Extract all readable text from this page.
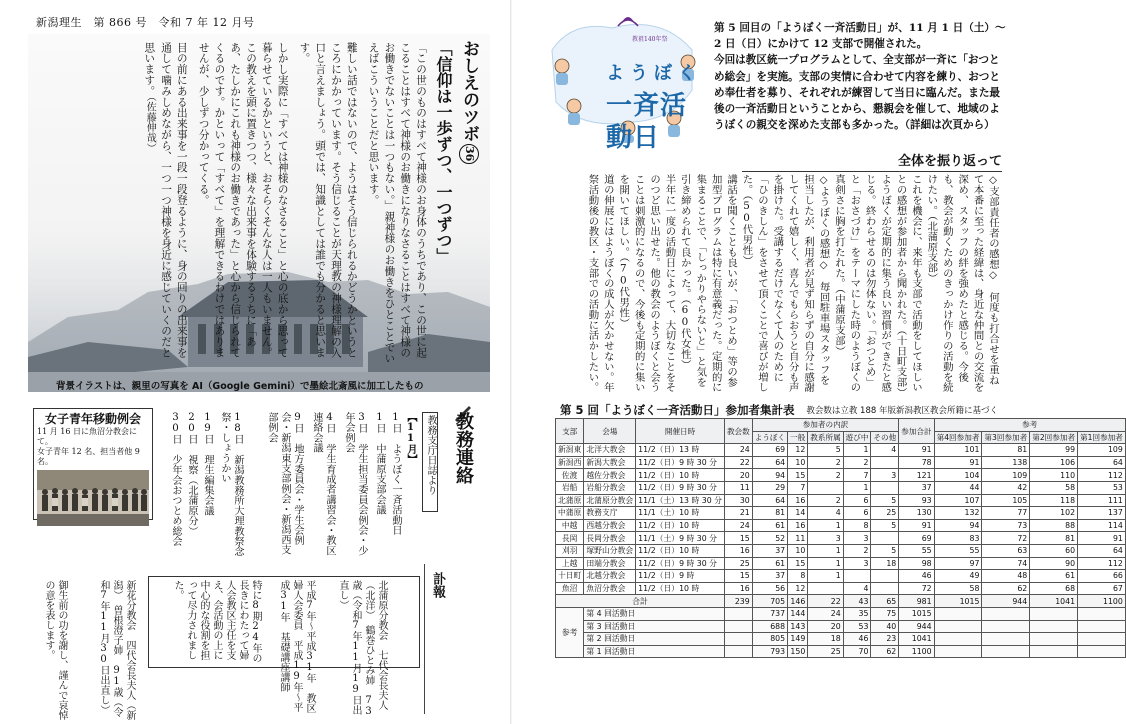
新潟理生　第 866 号　令和 7 年 12 月号
おしえのツボ36
「信仰は一歩ずつ、一つずつ」

「この世のものはすべて神様のお身体のうちであり、この世に起こることはすべて神様のお働きになりなさることはすべて神様のお働きでないことは一つもない。」親神様のお働きをひとことでいえばこういうことだと思います。

難しい話ではないので、ようはそう信じられるかどうかというところにかかっています。そう信じることが天理教の神様理解の入口と言えましょう。頭では、知識としては誰でも分かると思います。

しかし実際に「すべては神様のなさること」と心の底から思って暮らせているかというと、おそらくそんな人は一人もいません。この教えを頭に置きつつ、様々な出来事を体験するうちに「ああ、たしかにこれも神様のお働きであった」と心から信じられてくるのです。かといって「すべて」を理解できるわけではありませんが、少しずつ分かってくる。

目の前にある出来事を一段一段登るように、身の回りの出来事を通して噛みしめながら、一つ一つ神様を身近に感じていくのだと思います。（佐藤伸哉）

背景イラストは、親里の写真を AI（Google Gemini）で墨絵北斎風に加工したもの
女子青年移動例会
11 月 16 日に魚沼分教会にて。
女子青年 12 名、担当者他 9 名。	教務支庁日誌より
【11月】
1日　ようぼく一斉活動日
1日　中蒲原支部会議
3日　学生担当委員会例会・少年会例会
4日　学生育成者講習会・教区連絡会議
9日　地方委員会・学生会例会・新潟東支部例会・新潟西支部例会
18日　新潟教務所大理教祭念祭・しょうかい
19日　理生編集会議
20日　視察（北蒲原分）
30日　少年会おつとめ総会
教務連絡
訃報
北蒲原分教会　七代会長夫人（北洋）　鶴巻ひとみ姉　73歳（令和7年11月19日出直し）
平成7年〜平成31年　教区婦人会委員　平成19年〜平成31年　基礎講座講師
特に8期24年の長きにわたって婦人会教区主任を支え、会活動の上に中心的な役割を担って尽力されました。
新花分教会　四代会長夫人（新潟）　曽根澄子姉　91歳（令和7年11月30日出直し）
御生前の功を謝し、謹んで哀悼の意を表します。
教祖140年祭
ようぼく
一斉活動日
第 5 回目の「ようぼく一斉活動日」が、11 月 1 日（土）〜 2 日（日）にかけて 12 支部で開催された。
今回は教区統一プログラムとして、全支部が一斉に「おつとめ総会」を実施。支部の実情に合わせて内容を練り、おつとめ奉仕者を募り、それぞれが練習して当日に臨んだ。また最後の一斉活動日ということから、懇親会を催して、地域のようぼくの親交を深めた支部も多かった。（詳細は次頁から）
全体を振り返って

◇支部責任者の感想◇　何度も打合せを重ねて本番に至った経緯は、身近な仲間との交流を深め、スタッフの絆を強めたと感じる。今後も、教会が動くためのきっかけ作りの活動を続けたい。（北蒲原支部）

これを機会に、来年も支部で活動をしてほしいとの感想が参加者から聞かれた。（十日町支部）

ようぼくが定期的に集う良い習慣ができたと感じる。終わらせるのは勿体ない。「おつとめ」と「おさづけ」をテーマにした時のようぼくの真剣さに胸を打たれた。（中蒲原支部）

◇ようぼくの感想◇　毎回駐車場スタッフを担当したが、利用者が見ず知らずの自分に感謝してくれて嬉しく、喜んでもらおうと自分も声を掛けた。受講するだけでなくて人のために「ひのきしん」をさせて頂くことで喜びが増した。（50代男性）

講話を聞くことも良いが、「おつとめ」等の参加型プログラムは特に有意義だった。定期的に集まることで、「しっかりやらないと」と気を引き締められて良かった。（60代女性）

半年に一度の活動日によって、大切なことをそのつど思い出せた。他の教会のようぼくと会うことは刺激的になるので、今後も定期的に集いを開いてほしい。（70代男性）

道の伸展にはようぼくの成人が欠かせない。年祭活動後の教区・支部での活動に活かしたい。

第 5 回「ようぼく一斉活動日」参加者集計表 教会数は立教 188 年版新潟教区教会所籍に基づく
支部	会場	開催日時	教会数	参加者の内訳					参加合計	参考			
				ようぼく	一般	教系所属	遊び中	その他		第4回参加者	第3回参加者	第2回参加者	第1回参加者
新潟東	北洋大教会	11/2（日）13 時	24	69	12	5	1	4	91	101	81	99	109
新潟西	新潟大教会	11/2（日）9 時 30 分	22	64	10	2	2		78	91	138	106	64
佐渡	越佐分教会	11/2（日）10 時	20	94	15	2	7	3	121	104	109	110	112
岩船	岩船分教会	11/2（日）9 時 30 分	11	29	7		1		37	44	42	58	53
北蒲原	北蒲原分教会	11/1（土）13 時 30 分	30	64	16	2	6	5	93	107	105	118	111
中蒲原	教務支庁	11/1（土）10 時	21	81	14	4	6	25	130	132	77	102	137
中越	西越分教会	11/2（日）10 時	24	61	16	1	8	5	91	94	73	88	114
長岡	長岡分教会	11/1（土）9 時 30 分	15	52	11	3	3		69	83	72	81	91
刈羽	塚野山分教会	11/2（日）10 時	16	37	10	1	2	5	55	55	63	60	64
上越	田端分教会	11/2（日）9 時 30 分	25	61	15	1	3	18	98	97	74	90	112
十日町	北越分教会	11/2（日）9 時	15	37	8	1			46	49	48	61	66
魚沼	魚沼分教会	11/2（日）10 時	16	56	12		4		72	58	62	68	67
合計			239	705	146	22	43	65	981	1015	944	1041	1100
参考	第 4 回活動日			737	144	24	35	75	1015				
	第 3 回活動日			688	143	20	53	40	944				
	第 2 回活動日			805	149	18	46	23	1041				
	第 1 回活動日			793	150	25	70	62	1100				
